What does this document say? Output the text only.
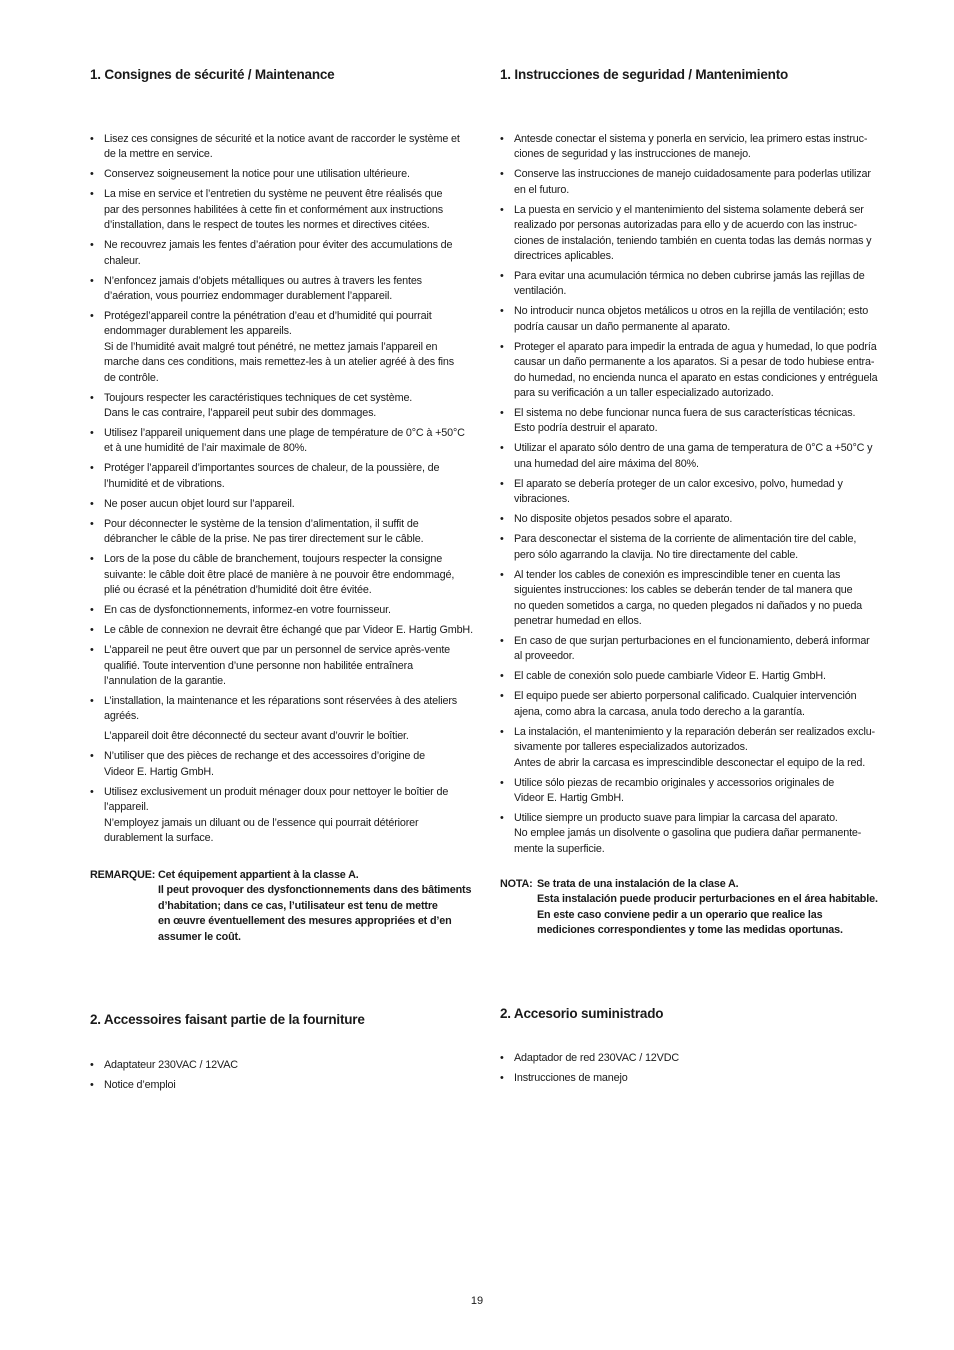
1. Consignes de sécurité / Maintenance
• Lisez ces consignes de sécurité et la notice avant de raccorder le système et
de la mettre en service.
• Conservez soigneusement la notice pour une utilisation ultérieure.
• La mise en service et l’entretien du système ne peuvent être réalisés que
par des personnes habilitées à cette fin et conformément aux instructions
d’installation, dans le respect de toutes les normes et directives citées.
• Ne recouvrez jamais les fentes d’aération pour éviter des accumulations de
chaleur.
• N’enfoncez jamais d’objets métalliques ou autres à travers les fentes
d’aération, vous pourriez endommager durablement l’appareil.
• Protégezl’appareil contre la pénétration d’eau et d’humidité qui pourrait
endommager durablement les appareils.
Si de l’humidité avait malgré tout pénétré, ne mettez jamais l’appareil en
marche dans ces conditions, mais remettez-les à un atelier agréé à des fins
de contrôle.
• Toujours respecter les caractéristiques techniques de cet système.
Dans le cas contraire, l’appareil peut subir des dommages.
• Utilisez l’appareil uniquement dans une plage de température de 0°C à +50°C
et à une humidité de l’air maximale de 80%.
• Protéger l’appareil d’importantes sources de chaleur, de la poussière, de
l’humidité et de vibrations.
• Ne poser aucun objet lourd sur l’appareil.
• Pour déconnecter le système de la tension d’alimentation, il suffit de
débrancher le câble de la prise. Ne pas tirer directement sur le câble.
• Lors de la pose du câble de branchement, toujours respecter la consigne
suivante: le câble doit être placé de manière à ne pouvoir être endommagé,
plié ou écrasé et la pénétration d’humidité doit être évitée.
• En cas de dysfonctionnements, informez-en votre fournisseur.
• Le câble de connexion ne devrait être échangé que par Videor E. Hartig GmbH.
• L’appareil ne peut être ouvert que par un personnel de service après-vente
qualifié. Toute intervention d’une personne non habilitée entraînera
l’annulation de la garantie.
• L’installation, la maintenance et les réparations sont réservées à des ateliers
agréés.
L’appareil doit être déconnecté du secteur avant d’ouvrir le boîtier.
• N’utiliser que des pièces de rechange et des accessoires d’origine de
Videor E. Hartig GmbH.
• Utilisez exclusivement un produit ménager doux pour nettoyer le boîtier de
l’appareil.
N’employez jamais un diluant ou de l’essence qui pourrait détériorer
durablement la surface.
REMARQUE: Cet équipement appartient à la classe A.
Il peut provoquer des dysfonctionnements dans des bâtiments
d’habitation; dans ce cas, l’utilisateur est tenu de mettre
en œuvre éventuellement des mesures appropriées et d’en
assumer le coût.
2. Accessoires faisant partie de la fourniture
• Adaptateur 230VAC / 12VAC
• Notice d’emploi
1. Instrucciones de seguridad / Mantenimiento
• Antesde conectar el sistema y ponerla en servicio, lea primero estas instruc-
ciones de seguridad y las instrucciones de manejo.
• Conserve las instrucciones de manejo cuidadosamente para poderlas utilizar
en el futuro.
• La puesta en servicio y el mantenimiento del sistema solamente deberá ser
realizado por personas autorizadas para ello y de acuerdo con las instruc-
ciones de instalación, teniendo también en cuenta todas las demás normas y
directrices aplicables.
• Para evitar una acumulación térmica no deben cubrirse jamás las rejillas de
ventilación.
• No introducir nunca objetos metálicos u otros en la rejilla de ventilación; esto
podría causar un daño permanente al aparato.
• Proteger el aparato para impedir la entrada de agua y humedad, lo que podría
causar un daño permanente a los aparatos. Si a pesar de todo hubiese entra-
do humedad, no encienda nunca el aparato en estas condiciones y entréguela
para su verificación a un taller especializado autorizado.
• El sistema no debe funcionar nunca fuera de sus características técnicas.
Esto podría destruir el aparato.
• Utilizar el aparato sólo dentro de una gama de temperatura de 0°C a +50°C y
una humedad del aire máxima del 80%.
• El aparato se debería proteger de un calor excesivo, polvo, humedad y
vibraciones.
• No disposite objetos pesados sobre el aparato.
• Para desconectar el sistema de la corriente de alimentación tire del cable,
pero sólo agarrando la clavija. No tire directamente del cable.
• Al tender los cables de conexión es imprescindible tener en cuenta las
siguientes instrucciones: los cables se deberán tender de tal manera que
no queden sometidos a carga, no queden plegados ni dañados y no pueda
penetrar humedad en ellos.
• En caso de que surjan perturbaciones en el funcionamiento, deberá informar
al proveedor.
• El cable de conexión solo puede cambiarle Videor E. Hartig GmbH.
• El equipo puede ser abierto porpersonal calificado. Cualquier intervención
ajena, como abra la carcasa, anula todo derecho a la garantía.
• La instalación, el mantenimiento y la reparación deberán ser realizados exclu-
sivamente por talleres especializados autorizados.
Antes de abrir la carcasa es imprescindible desconectar el equipo de la red.
• Utilice sólo piezas de recambio originales y accessorios originales de
Videor E. Hartig GmbH.
• Utilice siempre un producto suave para limpiar la carcasa del aparato.
No emplee jamás un disolvente o gasolina que pudiera dañar permanente-
mente la superficie.
NOTA: Se trata de una instalación de la clase A.
Esta instalación puede producir perturbaciones en el área habitable.
En este caso conviene pedir a un operario que realice las
mediciones correspondientes y tome las medidas oportunas.
2. Accesorio suministrado
• Adaptador de red 230VAC / 12VDC
• Instrucciones de manejo
19
